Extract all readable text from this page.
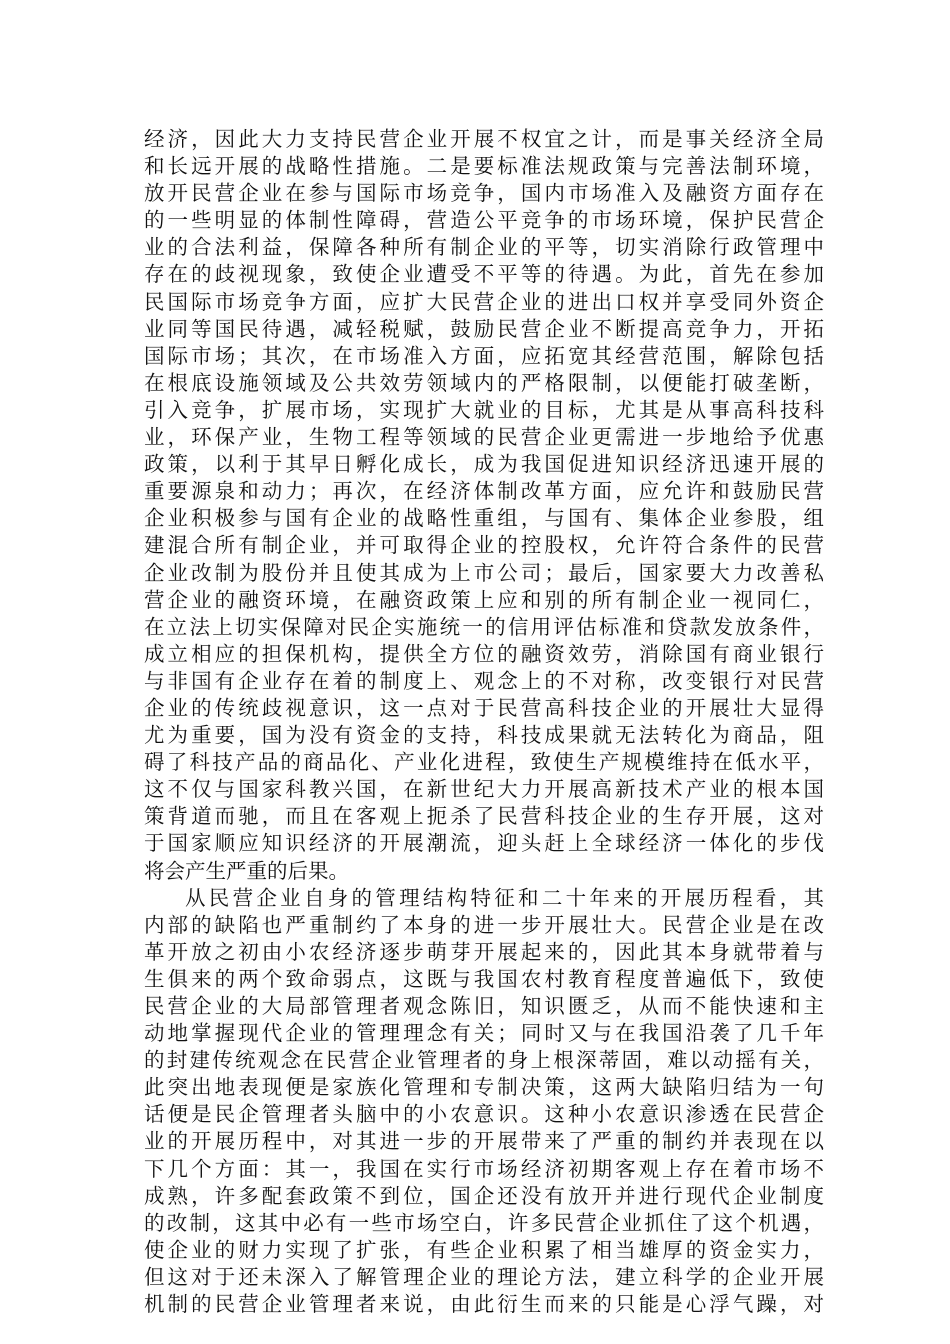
经济，因此大力支持民营企业开展不权宜之计，而是事关经济全局
和长远开展的战略性措施。二是要标准法规政策与完善法制环境，
放开民营企业在参与国际市场竞争，国内市场准入及融资方面存在
的一些明显的体制性障碍，营造公平竞争的市场环境，保护民营企
业的合法利益，保障各种所有制企业的平等，切实消除行政管理中
存在的歧视现象，致使企业遭受不平等的待遇。为此，首先在参加
民国际市场竞争方面，应扩大民营企业的进出口权并享受同外资企
业同等国民待遇，减轻税赋，鼓励民营企业不断提高竞争力，开拓
国际市场；其次，在市场准入方面，应拓宽其经营范围，解除包括
在根底设施领域及公共效劳领域内的严格限制，以便能打破垄断，
引入竞争，扩展市场，实现扩大就业的目标，尤其是从事高科技科
业，环保产业，生物工程等领域的民营企业更需进一步地给予优惠
政策，以利于其早日孵化成长，成为我国促进知识经济迅速开展的
重要源泉和动力；再次，在经济体制改革方面，应允许和鼓励民营
企业积极参与国有企业的战略性重组，与国有、集体企业参股，组
建混合所有制企业，并可取得企业的控股权，允许符合条件的民营
企业改制为股份并且使其成为上市公司；最后，国家要大力改善私
营企业的融资环境，在融资政策上应和别的所有制企业一视同仁，
在立法上切实保障对民企实施统一的信用评估标准和贷款发放条件，
成立相应的担保机构，提供全方位的融资效劳，消除国有商业银行
与非国有企业存在着的制度上、观念上的不对称，改变银行对民营
企业的传统歧视意识，这一点对于民营高科技企业的开展壮大显得
尤为重要，国为没有资金的支持，科技成果就无法转化为商品，阻
碍了科技产品的商品化、产业化进程，致使生产规模维持在低水平，
这不仅与国家科教兴国，在新世纪大力开展高新技术产业的根本国
策背道而驰，而且在客观上扼杀了民营科技企业的生存开展，这对
于国家顺应知识经济的开展潮流，迎头赶上全球经济一体化的步伐
将会产生严重的后果。
从民营企业自身的管理结构特征和二十年来的开展历程看，其
内部的缺陷也严重制约了本身的进一步开展壮大。民营企业是在改
革开放之初由小农经济逐步萌芽开展起来的，因此其本身就带着与
生俱来的两个致命弱点，这既与我国农村教育程度普遍低下，致使
民营企业的大局部管理者观念陈旧，知识匮乏，从而不能快速和主
动地掌握现代企业的管理理念有关；同时又与在我国沿袭了几千年
的封建传统观念在民营企业管理者的身上根深蒂固，难以动摇有关，
此突出地表现便是家族化管理和专制决策，这两大缺陷归结为一句
话便是民企管理者头脑中的小农意识。这种小农意识渗透在民营企
业的开展历程中，对其进一步的开展带来了严重的制约并表现在以
下几个方面：其一，我国在实行市场经济初期客观上存在着市场不
成熟，许多配套政策不到位，国企还没有放开并进行现代企业制度
的改制，这其中必有一些市场空白，许多民营企业抓住了这个机遇，
使企业的财力实现了扩张，有些企业积累了相当雄厚的资金实力，
但这对于还未深入了解管理企业的理论方法，建立科学的企业开展
机制的民营企业管理者来说，由此衍生而来的只能是心浮气躁，对
